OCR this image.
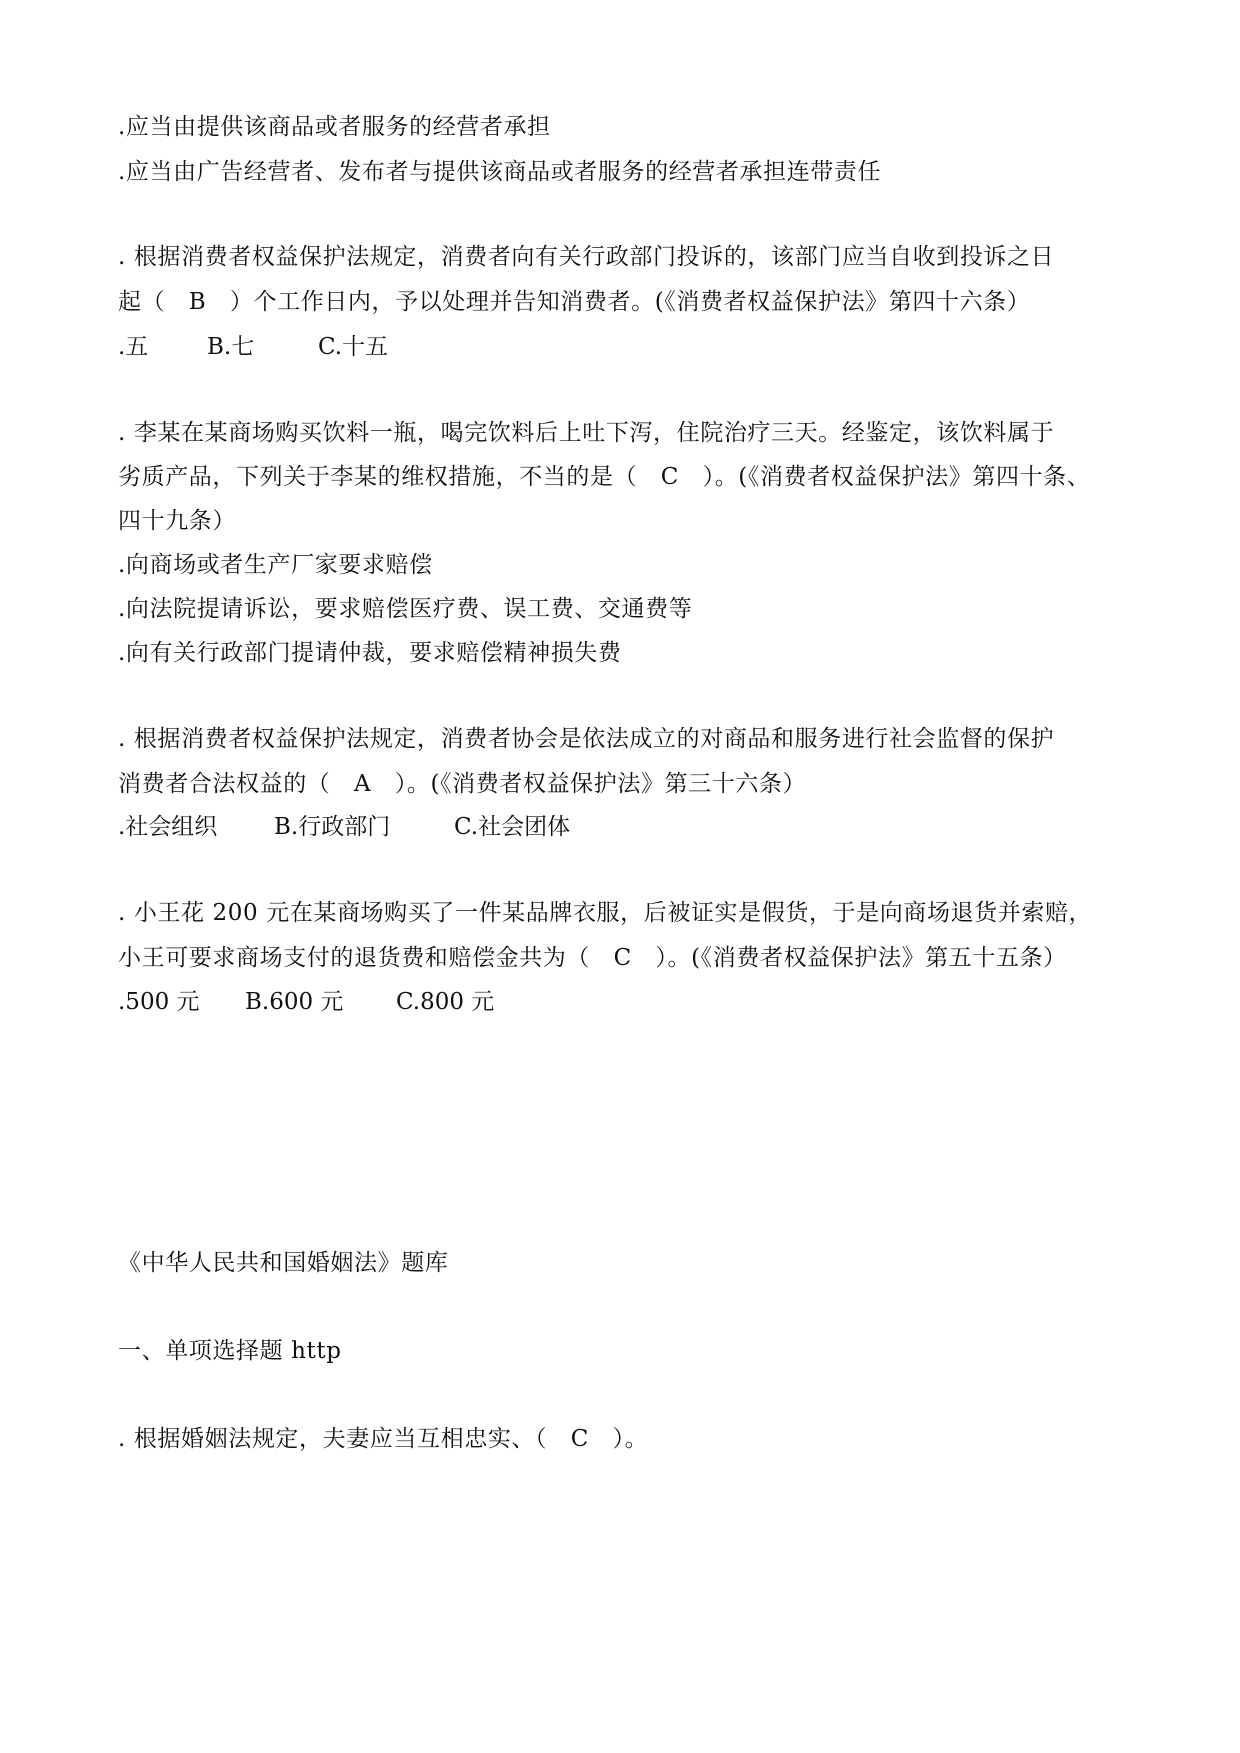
.应当由提供该商品或者服务的经营者承担
.应当由广告经营者、发布者与提供该商品或者服务的经营者承担连带责任
. 根据消费者权益保护法规定，消费者向有关行政部门投诉的，该部门应当自收到投诉之日
起（　B　）个工作日内，予以处理并告知消费者。(《消费者权益保护法》第四十六条）
.五	B.七	C.十五
. 李某在某商场购买饮料一瓶，喝完饮料后上吐下泻，住院治疗三天。经鉴定，该饮料属于
劣质产品，下列关于李某的维权措施，不当的是（　C　）。(《消费者权益保护法》第四十条、
四十九条）
.向商场或者生产厂家要求赔偿
.向法院提请诉讼，要求赔偿医疗费、误工费、交通费等
.向有关行政部门提请仲裁，要求赔偿精神损失费
. 根据消费者权益保护法规定，消费者协会是依法成立的对商品和服务进行社会监督的保护
消费者合法权益的（　A　）。(《消费者权益保护法》第三十六条）
.社会组织	B.行政部门	C.社会团体
. 小王花 200 元在某商场购买了一件某品牌衣服，后被证实是假货，于是向商场退货并索赔，
小王可要求商场支付的退货费和赔偿金共为（　C　）。(《消费者权益保护法》第五十五条）
.500 元	B.600 元	C.800 元
《中华人民共和国婚姻法》题库
一、单项选择题 http
. 根据婚姻法规定，夫妻应当互相忠实、（　C　）。
